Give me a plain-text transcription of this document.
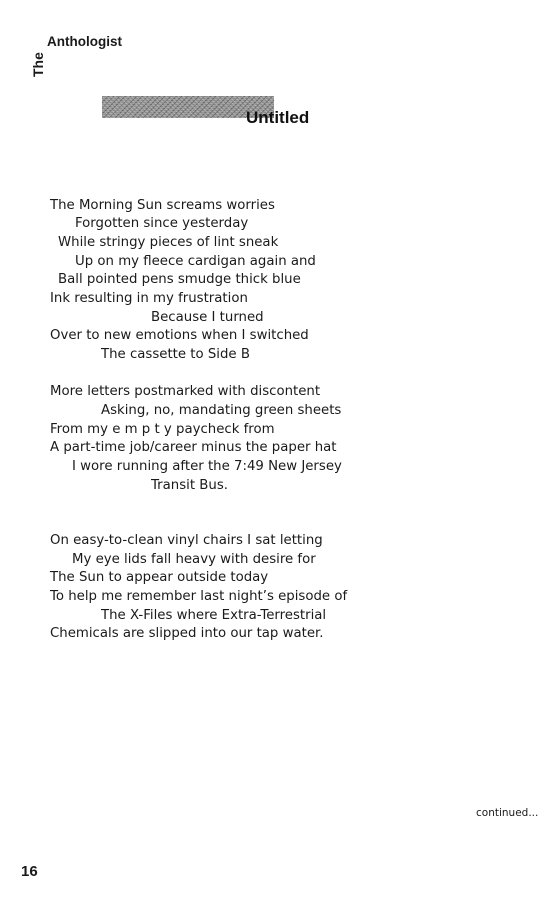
The
Anthologist
Untitled
The Morning Sun screams worries
Forgotten since yesterday
While stringy pieces of lint sneak
Up on my fleece cardigan again and
Ball pointed pens smudge thick blue
Ink resulting in my frustration
Because I turned
Over to new emotions when I switched
The cassette to Side B
More letters postmarked with discontent
Asking, no, mandating green sheets
From my e m p t y paycheck from
A part-time job/career minus the paper hat
I wore running after the 7:49 New Jersey
Transit Bus.
On easy-to-clean vinyl chairs I sat letting
My eye lids fall heavy with desire for
The Sun to appear outside today
To help me remember last night’s episode of
The X-Files where Extra-Terrestrial
Chemicals are slipped into our tap water.
continued...
16
